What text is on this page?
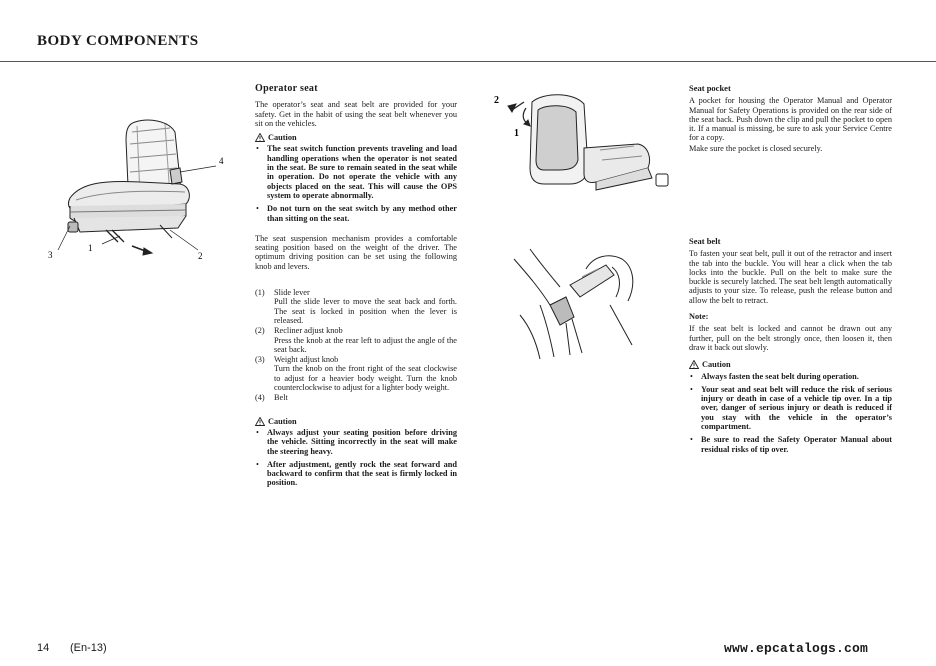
BODY COMPONENTS
4
1
2
3
Operator seat

The operator’s seat and seat belt are provided for your safety. Get in the habit of using the seat belt whenever you sit on the vehicles.

Caution
• The seat switch function prevents traveling and load handling operations when the operator is not seated in the seat. Be sure to remain seated in the seat while in operation. Do not operate the vehicle with any objects placed on the seat. This will cause the OPS system to operate abnormally.
• Do not turn on the seat switch by any method other than sitting on the seat.

The seat suspension mechanism provides a comfortable seating position based on the weight of the driver. The optimum driving position can be set using the following knob and levers.

(1)	Slide lever
Pull the slide lever to move the seat back and forth. The seat is locked in position when the lever is released.
(2)	Recliner adjust knob
Press the knob at the rear left to adjust the angle of the seat back.
(3)	Weight adjust knob
Turn the knob on the front right of the seat clockwise to adjust for a heavier body weight. Turn the knob counterclockwise to adjust for a lighter body weight.
(4)	Belt
Caution
• Always adjust your seating position before driving the vehicle. Sitting incorrectly in the seat will make the steering heavy.
• After adjustment, gently rock the seat forward and backward to confirm that the seat is firmly locked in position.
2
1
Seat pocket

A pocket for housing the Operator Manual and Operator Manual for Safety Operations is provided on the rear side of the seat back. Push down the clip and pull the pocket to open it. If a manual is missing, be sure to ask your Service Centre for a copy.

Make sure the pocket is closed securely.

Seat belt

To fasten your seat belt, pull it out of the retractor and insert the tab into the buckle. You will hear a click when the tab locks into the buckle. Pull on the belt to make sure the buckle is securely latched. The seat belt length automatically adjusts to your size. To release, push the release button and allow the belt to retract.

Note:

If the seat belt is locked and cannot be drawn out any further, pull on the belt strongly once, then loosen it, then draw it back out slowly.

Caution
• Always fasten the seat belt during operation.
• Your seat and seat belt will reduce the risk of serious injury or death in case of a vehicle tip over. In a tip over, danger of serious injury or death is reduced if you stay with the vehicle in the operator’s compartment.
• Be sure to read the Safety Operator Manual about residual risks of tip over.
14 (En-13)	www.epcatalogs.com
